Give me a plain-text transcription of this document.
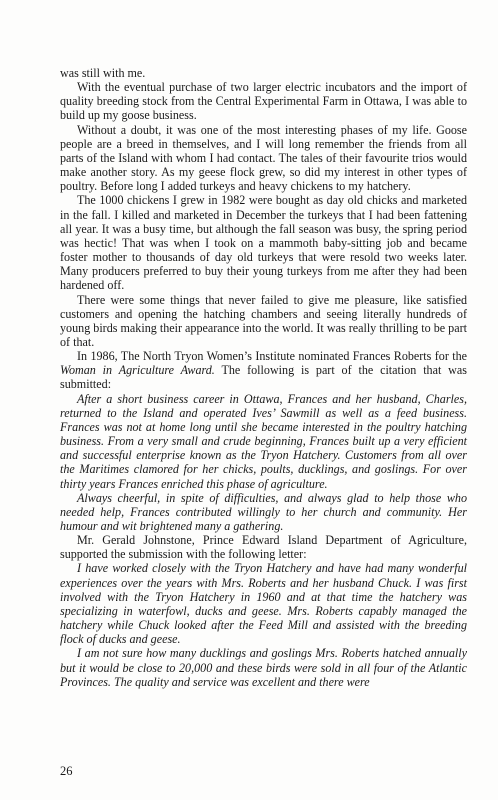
was still with me.

With the eventual purchase of two larger electric incubators and the import of quality breeding stock from the Central Experimental Farm in Ottawa, I was able to build up my goose business.

Without a doubt, it was one of the most interesting phases of my life. Goose people are a breed in themselves, and I will long remember the friends from all parts of the Island with whom I had contact. The tales of their favourite trios would make another story. As my geese flock grew, so did my interest in other types of poultry. Before long I added turkeys and heavy chickens to my hatchery.

The 1000 chickens I grew in 1982 were bought as day old chicks and marketed in the fall. I killed and marketed in December the turkeys that I had been fattening all year. It was a busy time, but although the fall season was busy, the spring period was hectic! That was when I took on a mammoth baby-sitting job and became foster mother to thousands of day old turkeys that were resold two weeks later. Many producers preferred to buy their young turkeys from me after they had been hardened off.

There were some things that never failed to give me pleasure, like satisfied customers and opening the hatching chambers and seeing literally hundreds of young birds making their appearance into the world. It was really thrilling to be part of that.

In 1986, The North Tryon Women’s Institute nominated Frances Roberts for the Woman in Agriculture Award. The following is part of the citation that was submitted:

After a short business career in Ottawa, Frances and her husband, Charles, returned to the Island and operated Ives’ Sawmill as well as a feed business. Frances was not at home long until she became interested in the poultry hatching business. From a very small and crude beginning, Frances built up a very efficient and successful enterprise known as the Tryon Hatchery. Customers from all over the Maritimes clamored for her chicks, poults, ducklings, and goslings. For over thirty years Frances enriched this phase of agriculture.

Always cheerful, in spite of difficulties, and always glad to help those who needed help, Frances contributed willingly to her church and community. Her humour and wit brightened many a gathering.

Mr. Gerald Johnstone, Prince Edward Island Department of Agriculture, supported the submission with the following letter:

I have worked closely with the Tryon Hatchery and have had many wonderful experiences over the years with Mrs. Roberts and her husband Chuck. I was first involved with the Tryon Hatchery in 1960 and at that time the hatchery was specializing in waterfowl, ducks and geese. Mrs. Roberts capably managed the hatchery while Chuck looked after the Feed Mill and assisted with the breeding flock of ducks and geese.

I am not sure how many ducklings and goslings Mrs. Roberts hatched annually but it would be close to 20,000 and these birds were sold in all four of the Atlantic Provinces. The quality and service was excellent and there were

26
